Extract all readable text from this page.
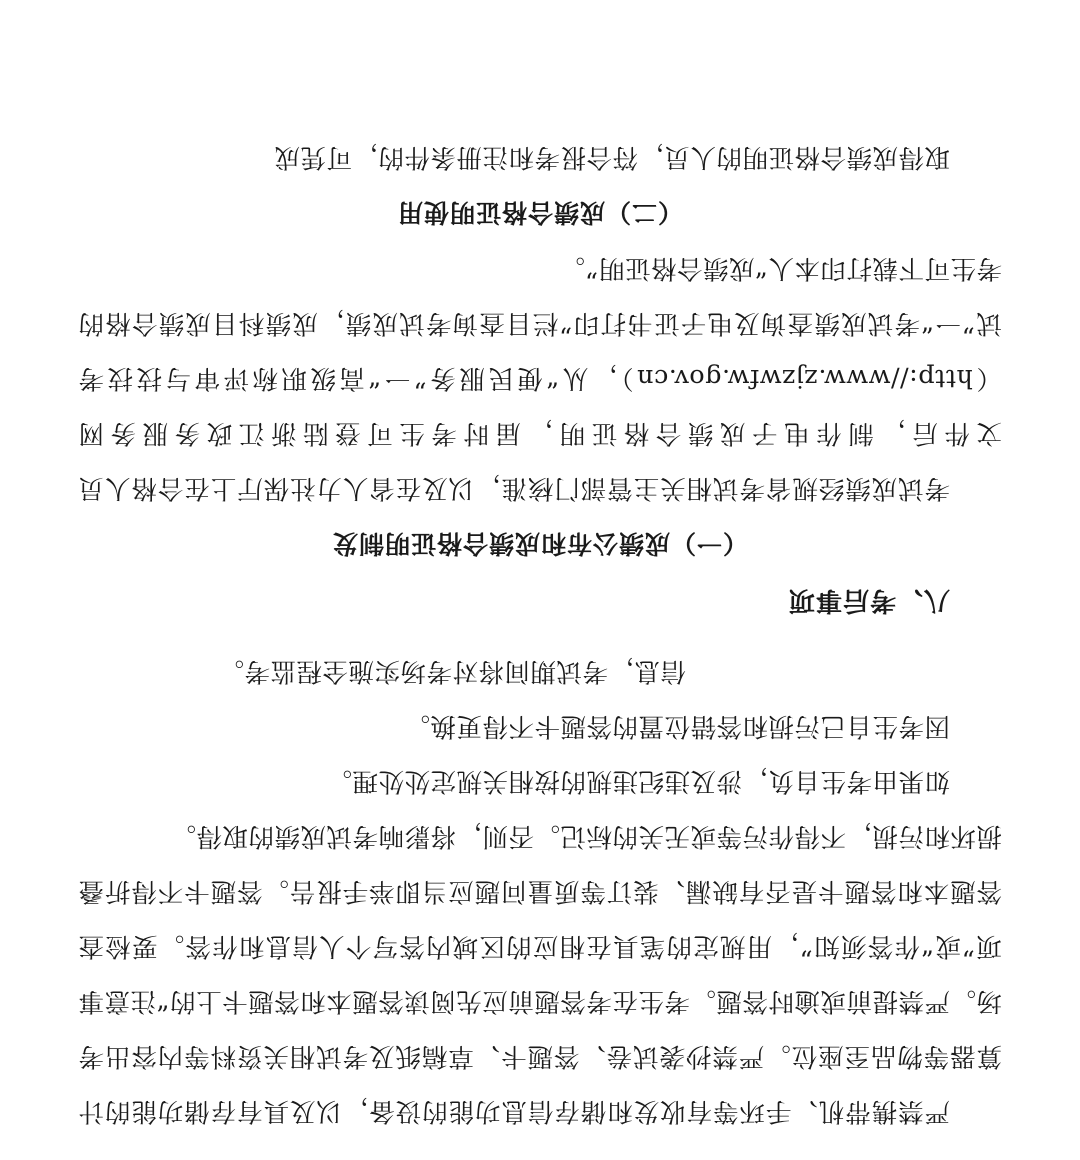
严禁携带机、手环等有收发和储存信息功能的设备，以及具有存储功能的计算器等物品至座位。严禁抄袭试卷、答题卡、草稿纸及考试相关资料等内容出考场。严禁提前或逾时答题。考生在考答题前应先阅读答题本和答题卡上的“注意事项”或“作答须知”，用规定的笔具在相应的区域内答写个人信息和作答。要检查答题本和答题卡是否有缺漏、装订等质量问题应当即举手报告。答题卡不得折叠损坏和污损，不得作污等或无关的标记。否则，将影响考试成绩的取得。

如果由考生自负，涉及违纪违规的按相关规定处处理。

因考生自己污损和答错位置的答题卡不得更换。

信息，考试期间将对考场实施全程监考。

八、考后事项
（一）成绩公布和成绩合格证明制发

考试成绩经规省考试相关主管部门核准，以及在省人力社保厅上在合格人员文件后，制作电子成绩合格证明，届时考生可登陆浙江政务服务网（http://www.zjzwfw.gov.cn），从“便民服务”一“高级职称评审与技技考试”一“考试成绩查询及电子证书打印”栏目查询考试成绩，成绩科目成绩合格的考生可下载打印本人“成绩合格证明”。

（二）成绩合格证明使用

取得成绩合格证明的人员，符合报考和注册条件的，可凭成
